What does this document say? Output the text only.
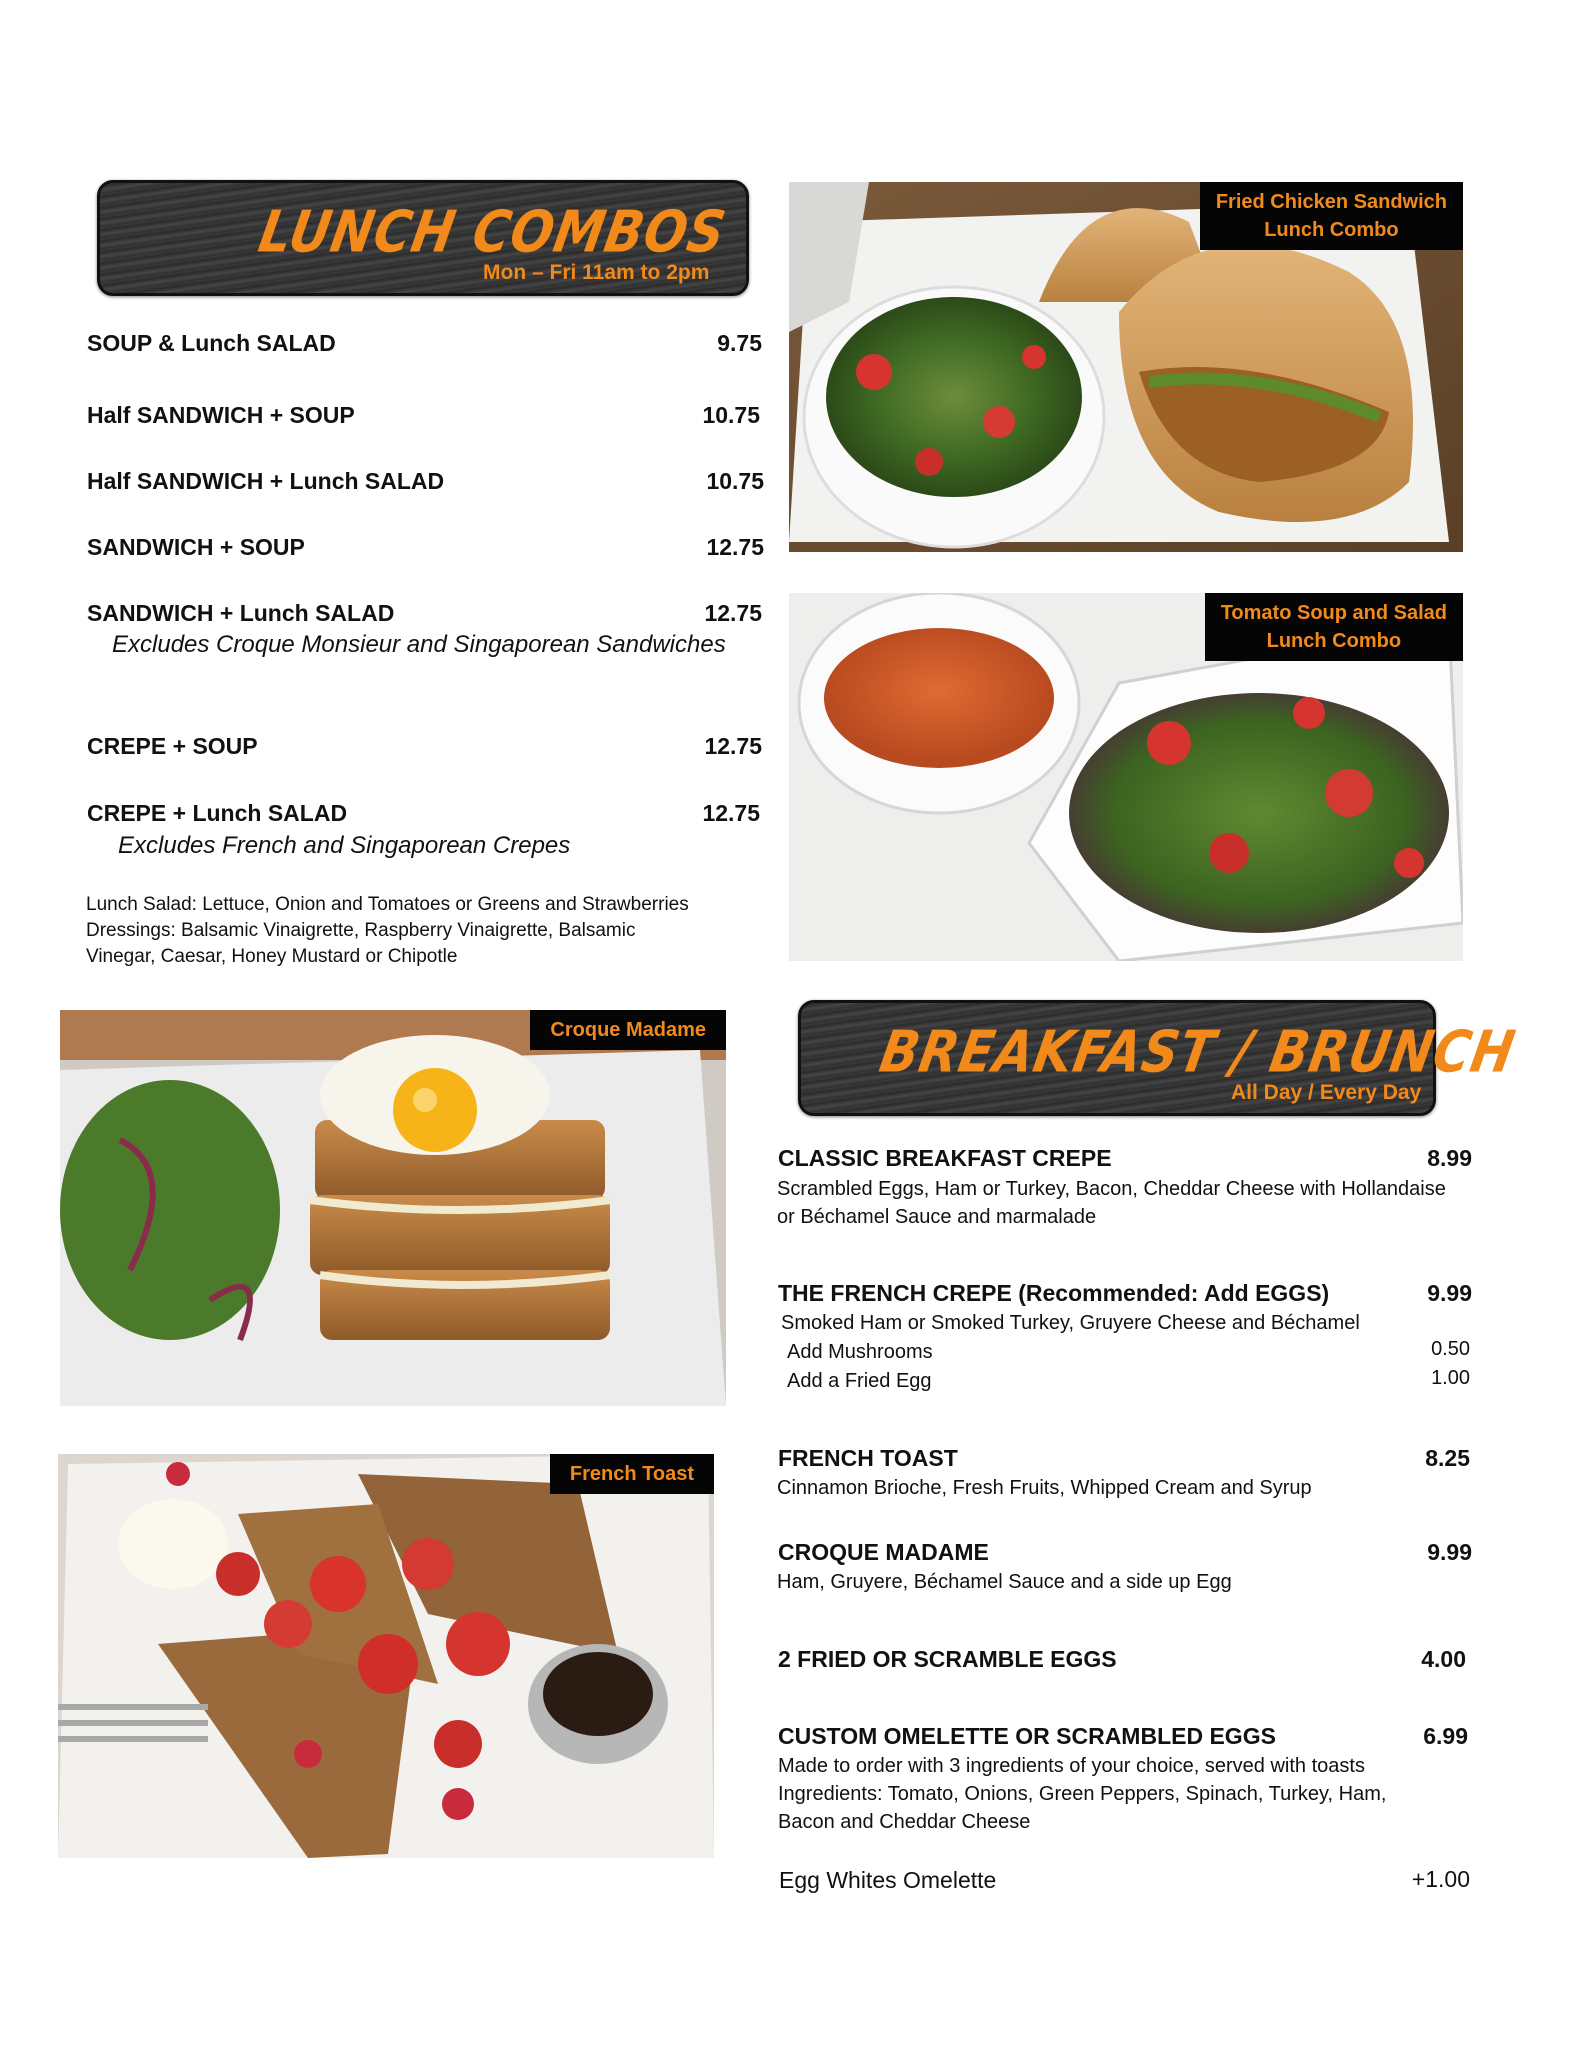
LUNCH COMBOS
Mon – Fri 11am to 2pm
SOUP & Lunch SALAD	9.75
Half SANDWICH + SOUP	10.75
Half SANDWICH + Lunch SALAD	10.75
SANDWICH + SOUP	12.75
SANDWICH + Lunch SALAD	12.75
Excludes Croque Monsieur and Singaporean Sandwiches
CREPE + SOUP	12.75
CREPE + Lunch SALAD	12.75
Excludes French and Singaporean Crepes
Lunch Salad: Lettuce, Onion and Tomatoes or Greens and Strawberries
Dressings: Balsamic Vinaigrette, Raspberry Vinaigrette, Balsamic
Vinegar, Caesar, Honey Mustard or Chipotle
Fried Chicken Sandwich
Lunch Combo
Tomato Soup and Salad
Lunch Combo
Croque Madame
French Toast
BREAKFAST / BRUNCH
All Day / Every Day
CLASSIC BREAKFAST CREPE	8.99
Scrambled Eggs, Ham or Turkey, Bacon, Cheddar Cheese with Hollandaise
or Béchamel Sauce and marmalade
THE FRENCH CREPE (Recommended: Add EGGS)	9.99
Smoked Ham or Smoked Turkey, Gruyere Cheese and Béchamel
Add Mushrooms	0.50
Add a Fried Egg	1.00
FRENCH TOAST	8.25
Cinnamon Brioche, Fresh Fruits, Whipped Cream and Syrup
CROQUE MADAME	9.99
Ham, Gruyere, Béchamel Sauce and a side up Egg
2 FRIED OR SCRAMBLE EGGS	4.00
CUSTOM OMELETTE OR SCRAMBLED EGGS	6.99
Made to order with 3 ingredients of your choice, served with toasts
Ingredients: Tomato, Onions, Green Peppers, Spinach, Turkey, Ham,
Bacon and Cheddar Cheese
Egg Whites Omelette	+1.00
